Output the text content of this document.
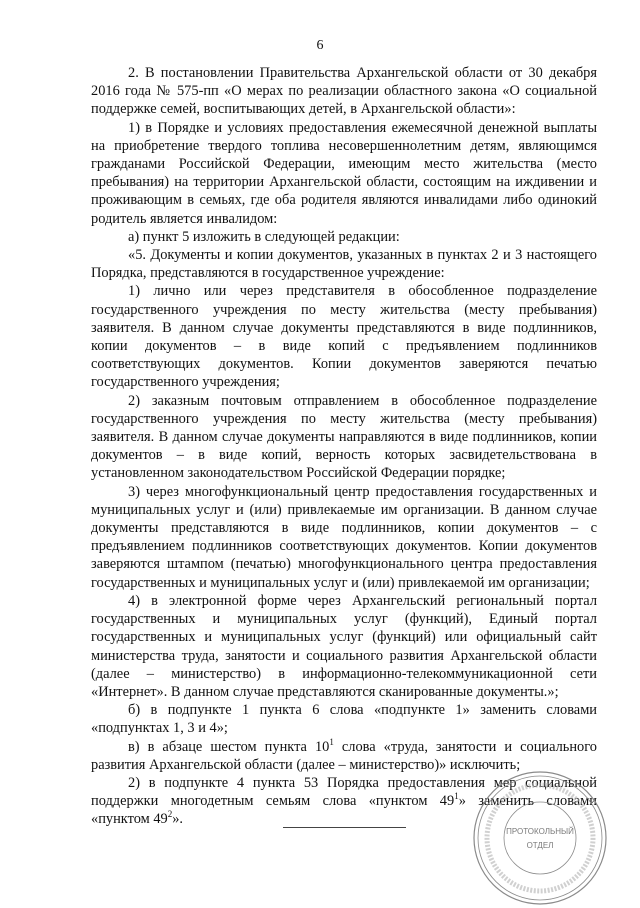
6

2. В постановлении Правительства Архангельской области от 30 декабря 2016 года № 575-пп «О мерах по реализации областного закона «О социальной поддержке семей, воспитывающих детей, в Архангельской области»:

1) в Порядке и условиях предоставления ежемесячной денежной выплаты на приобретение твердого топлива несовершеннолетним детям, являющимся гражданами Российской Федерации, имеющим место жительства (место пребывания) на территории Архангельской области, состоящим на иждивении и проживающим в семьях, где оба родителя являются инвалидами либо одинокий родитель является инвалидом:

а) пункт 5 изложить в следующей редакции:

«5. Документы и копии документов, указанных в пунктах 2 и 3 настоящего Порядка, представляются в государственное учреждение:

1) лично или через представителя в обособленное подразделение государственного учреждения по месту жительства (месту пребывания) заявителя. В данном случае документы представляются в виде подлинников, копии документов – в виде копий с предъявлением подлинников соответствующих документов. Копии документов заверяются печатью государственного учреждения;

2) заказным почтовым отправлением в обособленное подразделение государственного учреждения по месту жительства (месту пребывания) заявителя. В данном случае документы направляются в виде подлинников, копии документов – в виде копий, верность которых засвидетельствована в установленном законодательством Российской Федерации порядке;

3) через многофункциональный центр предоставления государственных и муниципальных услуг и (или) привлекаемые им организации. В данном случае документы представляются в виде подлинников, копии документов – с предъявлением подлинников соответствующих документов. Копии документов заверяются штампом (печатью) многофункционального центра предоставления государственных и муниципальных услуг и (или) привлекаемой им организации;

4) в электронной форме через Архангельский региональный портал государственных и муниципальных услуг (функций), Единый портал государственных и муниципальных услуг (функций) или официальный сайт министерства труда, занятости и социального развития Архангельской области (далее – министерство) в информационно-телекоммуникационной сети «Интернет». В данном случае представляются сканированные документы.»;

б) в подпункте 1 пункта 6 слова «подпункте 1» заменить словами «подпунктах 1, 3 и 4»;

в) в абзаце шестом пункта $10^1$ слова «труда, занятости и социального развития Архангельской области (далее – министерство)» исключить;

2) в подпункте 4 пункта 53 Порядка предоставления мер социальной поддержки многодетным семьям слова «пунктом $49^1$» заменить словами «пунктом $49^2$».

ПРОТОКОЛЬНЫЙ
ОТДЕЛ
